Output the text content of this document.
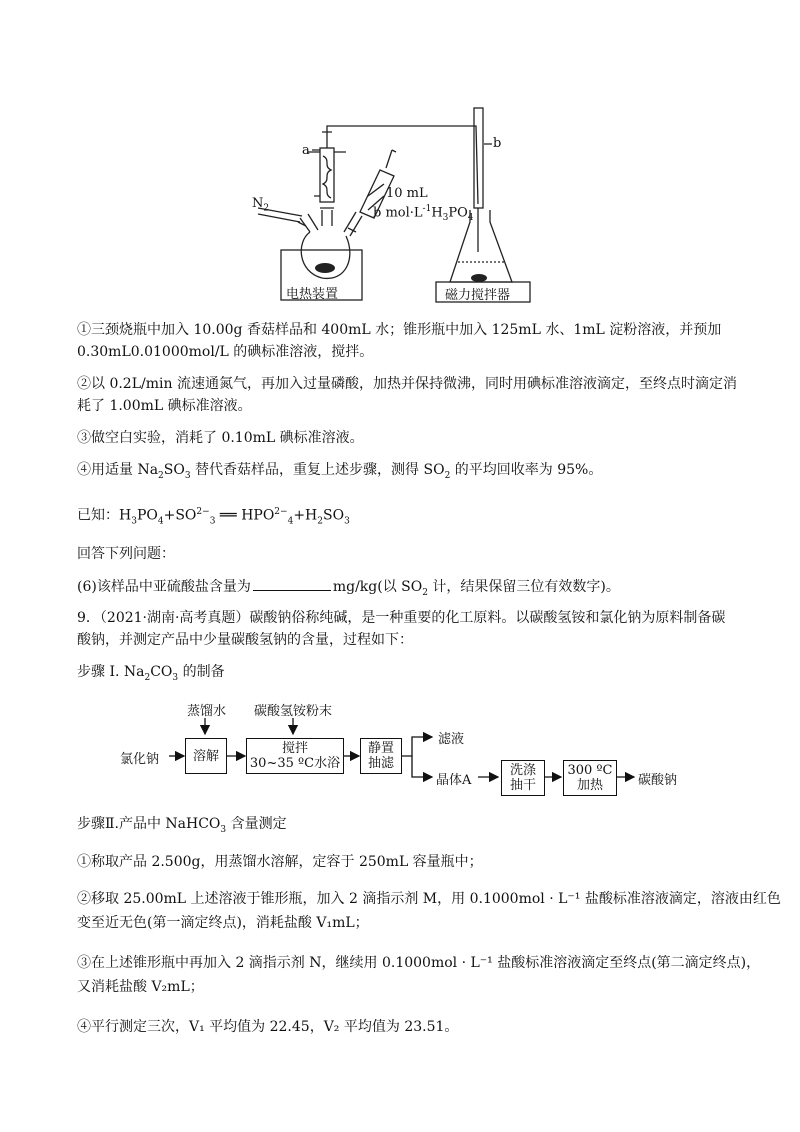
a	b
$N_2$
10 mL
b $mol\cdot L^{-1}H_3PO_4$
电热装置	磁力搅拌器
①三颈烧瓶中加入 10.00g 香菇样品和 400mL 水；锥形瓶中加入 125mL 水、1mL 淀粉溶液，并预加
0.30mL0.01000mol/L 的碘标准溶液，搅拌。
②以 0.2L/min 流速通氮气，再加入过量磷酸，加热并保持微沸，同时用碘标准溶液滴定，至终点时滴定消
耗了 1.00mL 碘标准溶液。
③做空白实验，消耗了 0.10mL 碘标准溶液。
④用适量 $Na_2SO_3$ 替代香菇样品，重复上述步骤，测得 $SO_2$ 的平均回收率为 95%。
已知：$H_3PO_4+SO^{2-}_3$ ══ $HPO^{2-}_4+H_2SO_3$
回答下列问题：
(6)该样品中亚硫酸盐含量为	mg/kg(以 $SO_2$ 计，结果保留三位有效数字)。
9．（2021·湖南·高考真题）碳酸钠俗称纯碱，是一种重要的化工原料。以碳酸氢铵和氯化钠为原料制备碳
酸钠，并测定产品中少量碳酸氢钠的含量，过程如下：
步骤 I. $Na_2CO_3$ 的制备
蒸馏水 碳酸氢铵粉末
氯化钠	溶解	搅拌
30~35 ºC水浴
静置
抽滤
滤液
晶体A
洗涤
抽干
300 ºC
加热	碳酸钠
步骤Ⅱ.产品中 NaHCO$_3$ 含量测定
①称取产品 2.500g，用蒸馏水溶解，定容于 250mL 容量瓶中；
②移取 25.00mL 上述溶液于锥形瓶，加入 2 滴指示剂 M，用 0.1000mol · L⁻¹ 盐酸标准溶液滴定，溶液由红色
变至近无色(第一滴定终点)，消耗盐酸 V₁mL；
③在上述锥形瓶中再加入 2 滴指示剂 N，继续用 0.1000mol · L⁻¹ 盐酸标准溶液滴定至终点(第二滴定终点)，
又消耗盐酸 V₂mL；
④平行测定三次，V₁ 平均值为 22.45，V₂ 平均值为 23.51。
